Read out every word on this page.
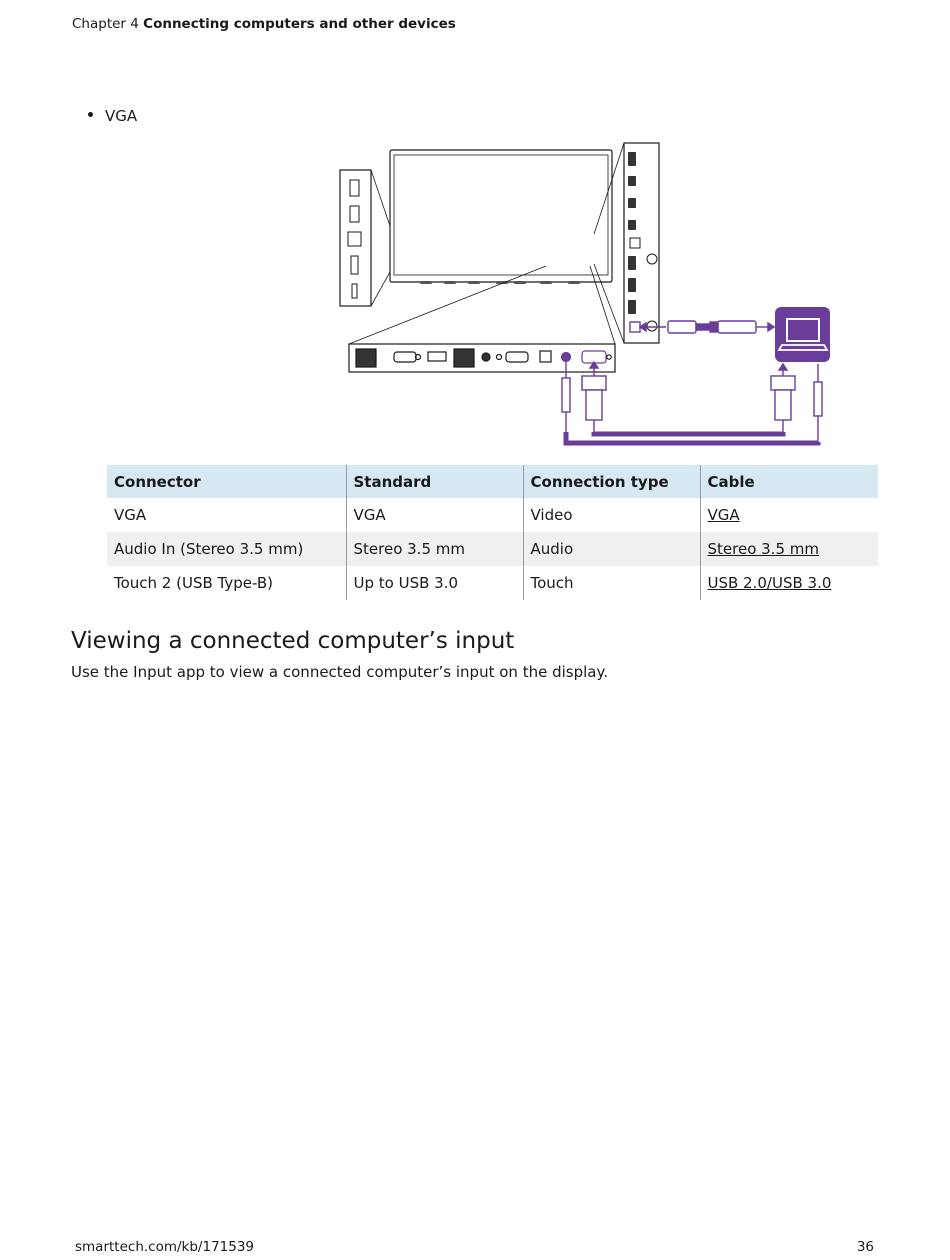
Chapter 4 Connecting computers and other devices
VGA
Connector	Standard	Connection type	Cable
VGA	VGA	Video	VGA
Audio In (Stereo 3.5 mm)	Stereo 3.5 mm	Audio	Stereo 3.5 mm
Touch 2 (USB Type-B)	Up to USB 3.0	Touch	USB 2.0/USB 3.0
Viewing a connected computer’s input

Use the Input app to view a connected computer’s input on the display.

smarttech.com/kb/171539	36
